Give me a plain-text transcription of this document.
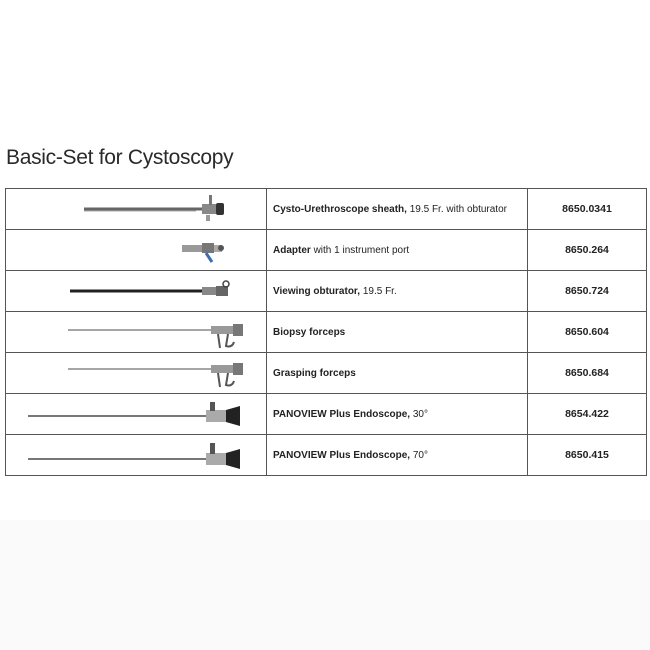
Basic-Set for Cystoscopy
	Cysto-Urethroscope sheath, 19.5 Fr. with obturator	8650.0341

	Adapter with 1 instrument port	8650.264

	Viewing obturator, 19.5 Fr.	8650.724

	Biopsy forceps	8650.604

	Grasping forceps	8650.684

	PANOVIEW Plus Endoscope, 30°	8654.422

	PANOVIEW Plus Endoscope, 70°	8650.415
